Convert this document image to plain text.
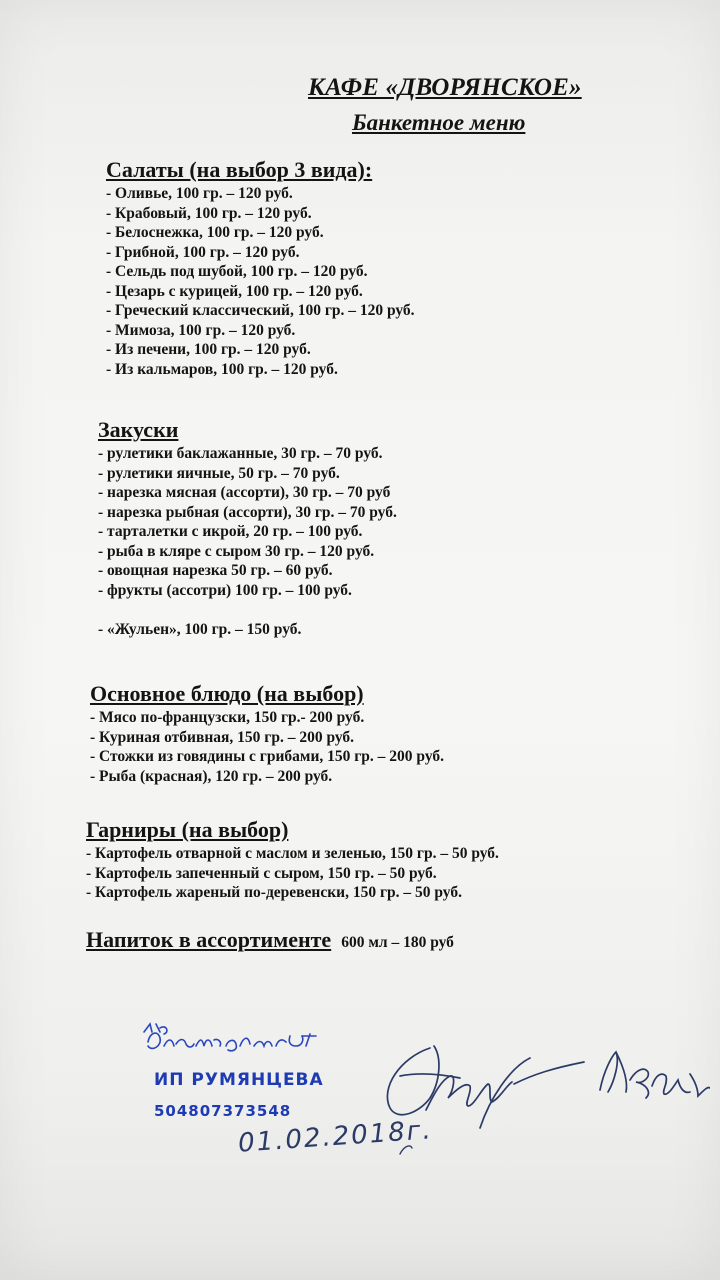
КАФЕ «ДВОРЯНСКОЕ»
Банкетное меню
Салаты (на выбор 3 вида):
- Оливье, 100 гр. – 120 руб.
- Крабовый, 100 гр. – 120 руб.
- Белоснежка, 100 гр. – 120 руб.
- Грибной, 100 гр. – 120 руб.
- Сельдь под шубой, 100 гр. – 120 руб.
- Цезарь с курицей, 100 гр. – 120 руб.
- Греческий классический, 100 гр. – 120 руб.
- Мимоза, 100 гр. – 120 руб.
- Из печени, 100 гр. – 120 руб.
- Из кальмаров, 100 гр. – 120 руб.
Закуски
- рулетики баклажанные, 30 гр. – 70 руб.
- рулетики яичные, 50 гр. – 70 руб.
- нарезка мясная (ассорти), 30 гр. – 70 руб
- нарезка рыбная (ассорти), 30 гр. – 70 руб.
- тарталетки с икрой, 20 гр. – 100 руб.
- рыба в кляре с сыром 30 гр. – 120 руб.
- овощная нарезка 50 гр. – 60 руб.
- фрукты (ассотри) 100 гр. – 100 руб.
- «Жульен», 100 гр. – 150 руб.
Основное блюдо (на выбор)
- Мясо по-французски, 150 гр.- 200 руб.
- Куриная отбивная, 150 гр. – 200 руб.
- Стожки из говядины с грибами, 150 гр. – 200 руб.
- Рыба (красная), 120 гр. – 200 руб.
Гарниры (на выбор)
- Картофель отварной с маслом и зеленью, 150 гр. – 50 руб.
- Картофель запеченный с сыром, 150 гр. – 50 руб.
- Картофель жареный по-деревенски, 150 гр. – 50 руб.
Напиток в ассортименте 600 мл – 180 руб
ИП РУМЯНЦЕВА
504807373548
01.02.2018г.
